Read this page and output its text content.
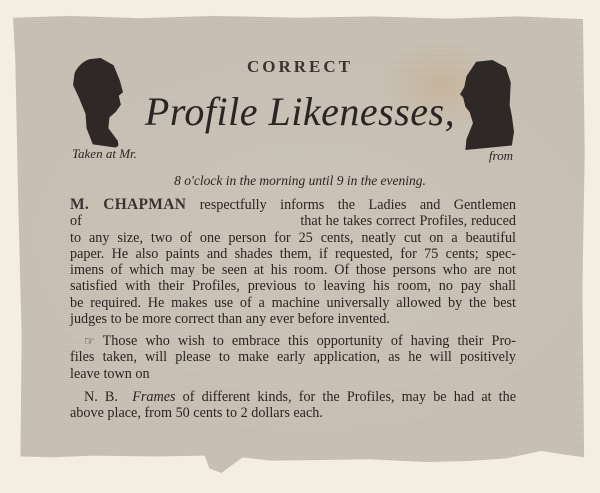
CORRECT
Profile Likenesses,
Taken at Mr.	from
8 o'clock in the morning until 9 in the evening.
M. CHAPMAN respectfully informs the Ladies and Gentlemen
of                                                       that he takes correct Profiles, reduced
to any size, two of one person for 25 cents, neatly cut on a beautiful
paper. He also paints and shades them, if requested, for 75 cents; spec-
imens of which may be seen at his room. Of those persons who are not
satisfied with their Profiles, previous to leaving his room, no pay shall
be required. He makes use of a machine universally allowed by the best
judges to be more correct than any ever before invented.
☞ Those who wish to embrace this opportunity of having their Pro-
files taken, will please to make early application, as he will positively
leave town on
N. B. Frames of different kinds, for the Profiles, may be had at the
above place, from 50 cents to 2 dollars each.
